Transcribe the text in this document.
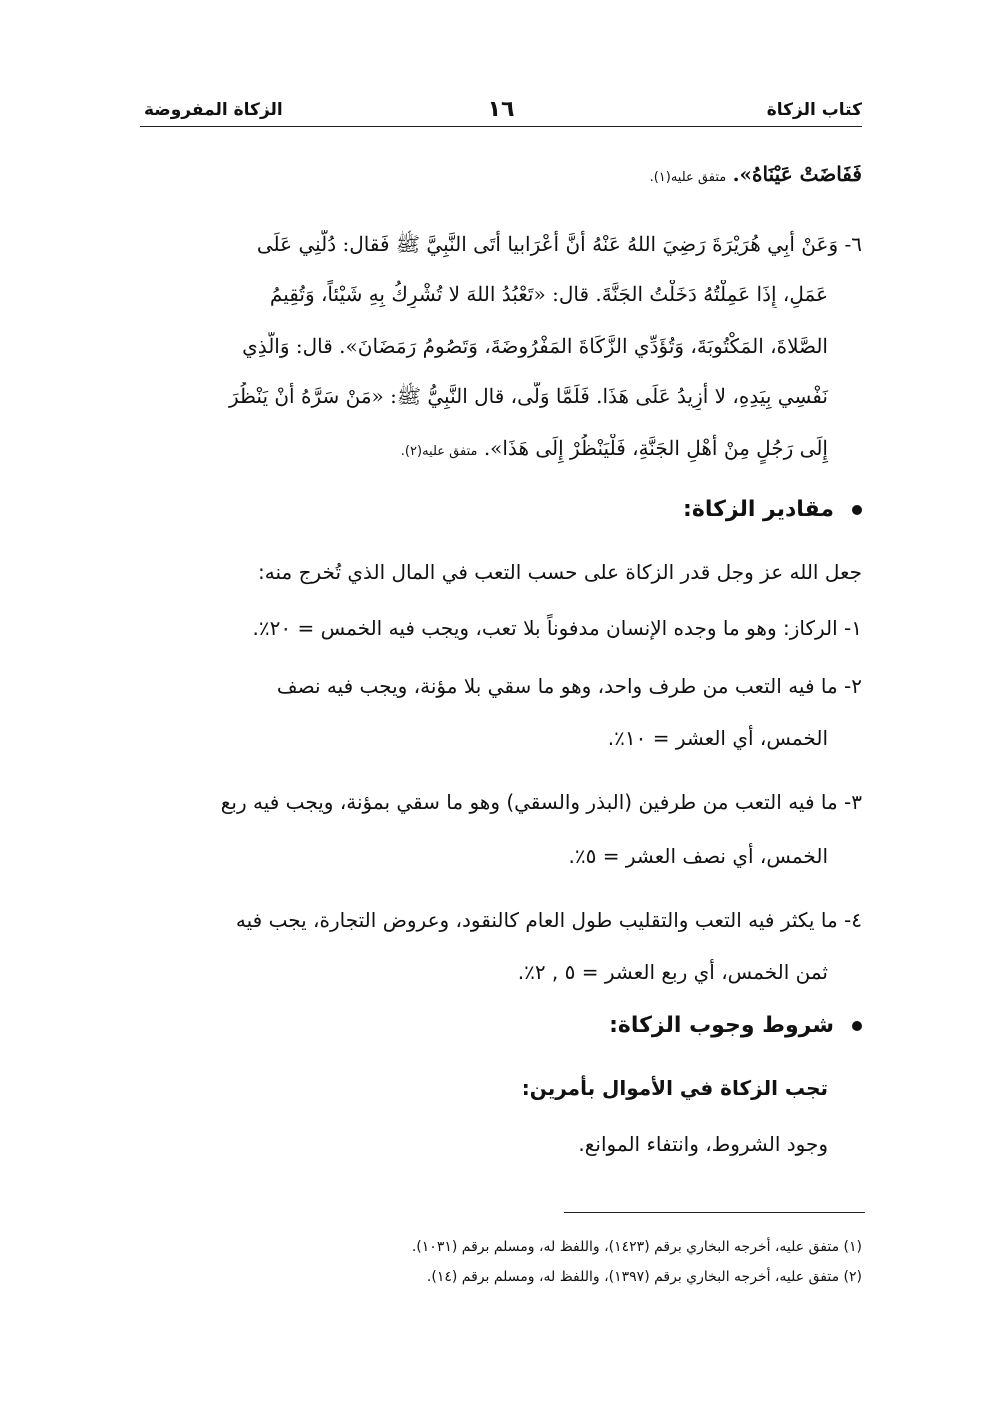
كتاب الزكاة
١٦
الزكاة المفروضة
فَفَاضَتْ عَيْنَاهُ». متفق عليه(١).
٦- وَعَنْ أَبِي هُرَيْرَةَ رَضِيَ اللهُ عَنْهُ أَنَّ أَعْرَابيا أَتَى النَّبِيَّ ﷺ فَقال: دُلَّنِي عَلَى
عَمَلٍ، إِذَا عَمِلْتُهُ دَخَلْتُ الجَنَّةَ. قال: «تَعْبُدُ اللهَ لا تُشْرِكُ بِهِ شَيْئاً، وَتُقِيمُ
الصَّلاةَ، المَكْتُوبَةَ، وَتُؤَدِّي الزَّكَاةَ المَفْرُوضَةَ، وَتَصُومُ رَمَضَانَ». قال: وَالَّذِي
نَفْسِي بِيَدِهِ، لا أَزِيدُ عَلَى هَذَا. فَلَمَّا وَلَّى، قال النَّبِيُّ ﷺ: «مَنْ سَرَّهُ أَنْ يَنْظُرَ
إِلَى رَجُلٍ مِنْ أَهْلِ الجَنَّةِ، فَلْيَنْظُرْ إِلَى هَذَا». متفق عليه(٢).
مقادير الزكاة:
جعل الله عز وجل قدر الزكاة على حسب التعب في المال الذي تُخرج منه:
١- الركاز: وهو ما وجده الإنسان مدفوناً بلا تعب، ويجب فيه الخمس = ٢٠٪.
٢- ما فيه التعب من طرف واحد، وهو ما سقي بلا مؤنة، ويجب فيه نصف
الخمس، أي العشر = ١٠٪.
٣- ما فيه التعب من طرفين (البذر والسقي) وهو ما سقي بمؤنة، ويجب فيه ربع
الخمس، أي نصف العشر = ٥٪.
٤- ما يكثر فيه التعب والتقليب طول العام كالنقود، وعروض التجارة، يجب فيه
ثمن الخمس، أي ربع العشر = ٥ , ٢٪.
شروط وجوب الزكاة:
تجب الزكاة في الأموال بأمرين:
وجود الشروط، وانتفاء الموانع.
(١) متفق عليه، أخرجه البخاري برقم (١٤٢٣)، واللفظ له، ومسلم برقم (١٠٣١).
(٢) متفق عليه، أخرجه البخاري برقم (١٣٩٧)، واللفظ له، ومسلم برقم (١٤).
